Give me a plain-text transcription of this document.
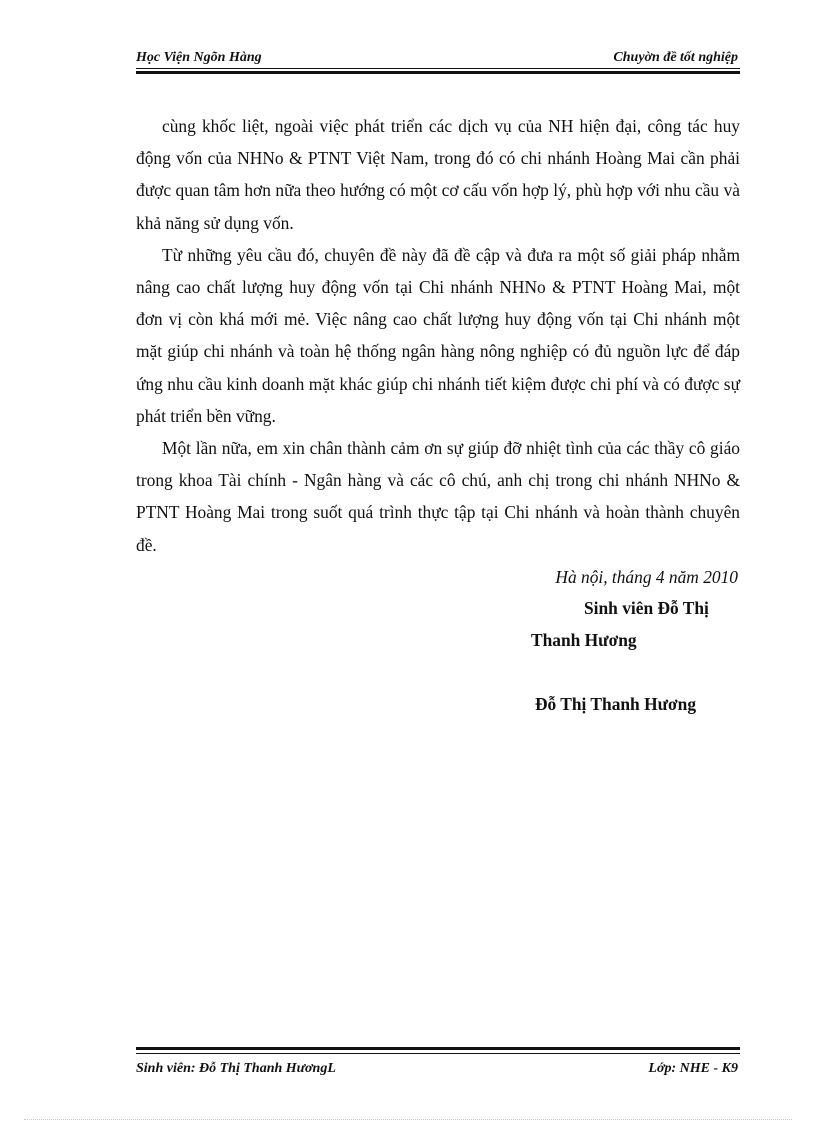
Học Viện Ngõn Hàng	Chuyờn đề tốt nghiệp

cùng khốc liệt, ngoài việc phát triển các dịch vụ của NH hiện đại, công tác huy động vốn của NHNo & PTNT Việt Nam, trong đó có chi nhánh Hoàng Mai cần phải được quan tâm hơn nữa theo hướng có một cơ cấu vốn hợp lý, phù hợp với nhu cầu và khả năng sử dụng vốn.

Từ những yêu cầu đó, chuyên đề này đã đề cập và đưa ra một số giải pháp nhằm nâng cao chất lượng huy động vốn tại Chi nhánh NHNo & PTNT Hoàng Mai, một đơn vị còn khá mới mẻ. Việc nâng cao chất lượng huy động vốn tại Chi nhánh một mặt giúp chi nhánh và toàn hệ thống ngân hàng nông nghiệp có đủ nguồn lực để đáp ứng nhu cầu kinh doanh mặt khác giúp chi nhánh tiết kiệm được chi phí và có được sự phát triển bền vững.

Một lần nữa, em xin chân thành cảm ơn sự giúp đỡ nhiệt tình của các thầy cô giáo trong khoa Tài chính - Ngân hàng và các cô chú, anh chị trong chi nhánh NHNo & PTNT Hoàng Mai trong suốt quá trình thực tập tại Chi nhánh và hoàn thành chuyên đề.

Hà nội, tháng 4 năm 2010
Sinh viên Đỗ Thị
Thanh Hương
Đỗ Thị Thanh Hương
Sinh viên: Đỗ Thị Thanh HươngL	Lớp: NHE - K9
